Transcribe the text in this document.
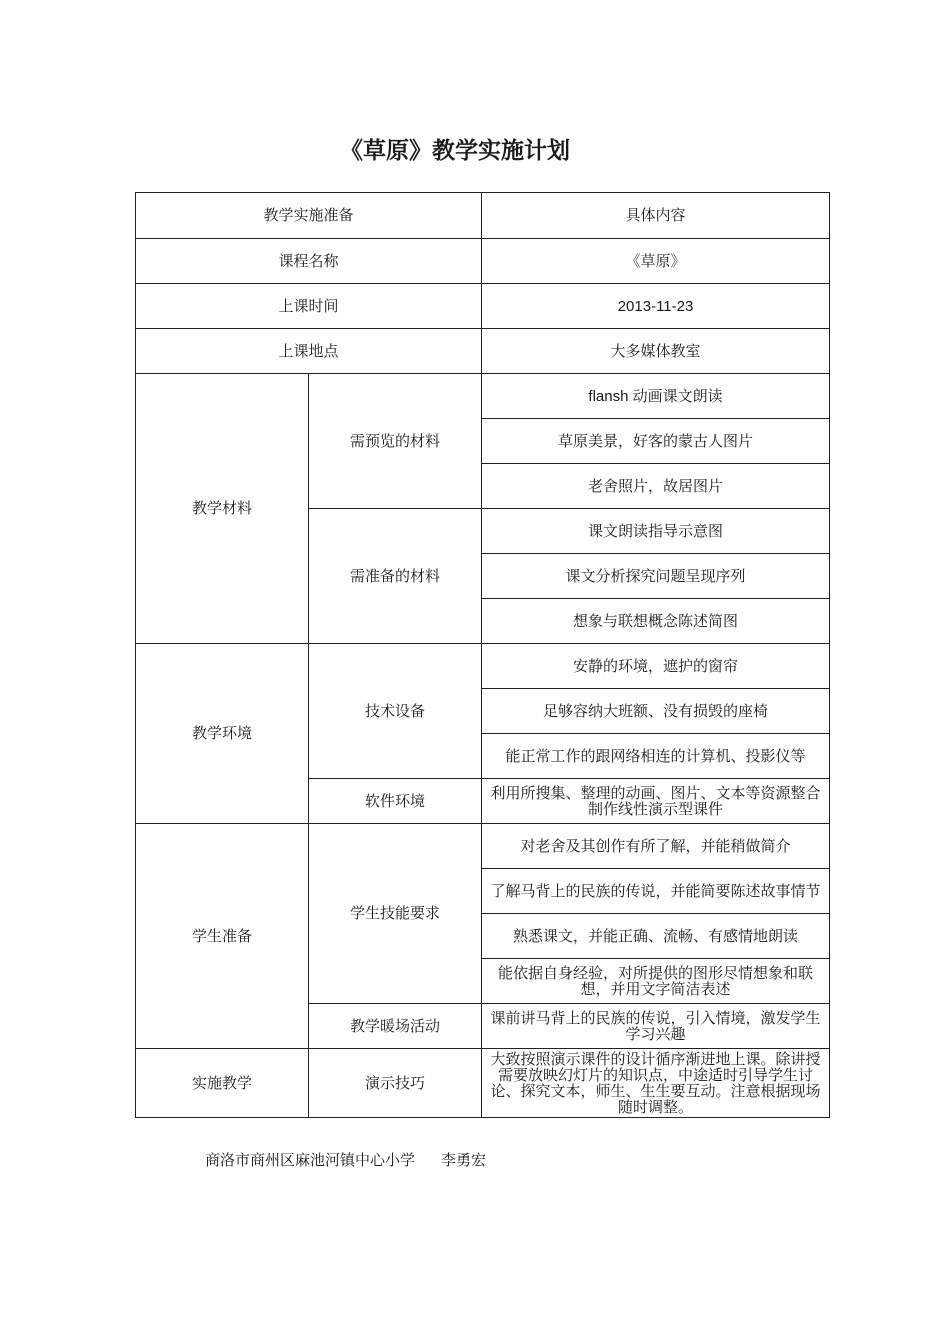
《草原》教学实施计划
教学实施准备		具体内容
课程名称		《草原》
上课时间		2013-11-23
上课地点		大多媒体教室
教学材料	需预览的材料	flansh 动画课文朗读
		草原美景，好客的蒙古人图片
		老舍照片，故居图片
	需准备的材料	课文朗读指导示意图
		课文分析探究问题呈现序列
		想象与联想概念陈述简图
教学环境	技术设备	安静的环境，遮护的窗帘
		足够容纳大班额、没有损毁的座椅
		能正常工作的跟网络相连的计算机、投影仪等
	软件环境	利用所搜集、整理的动画、图片、文本等资源整合制作线性演示型课件
学生准备	学生技能要求	对老舍及其创作有所了解，并能稍做简介
		了解马背上的民族的传说，并能简要陈述故事情节
		熟悉课文，并能正确、流畅、有感情地朗读
		能依据自身经验，对所提供的图形尽情想象和联想，并用文字简洁表述
	教学暖场活动	课前讲马背上的民族的传说，引入情境，激发学生学习兴趣
实施教学	演示技巧	大致按照演示课件的设计循序渐进地上课。除讲授需要放映幻灯片的知识点，中途适时引导学生讨论、探究文本，师生、生生要互动。注意根据现场随时调整。
商洛市商州区麻池河镇中心小学 李勇宏
